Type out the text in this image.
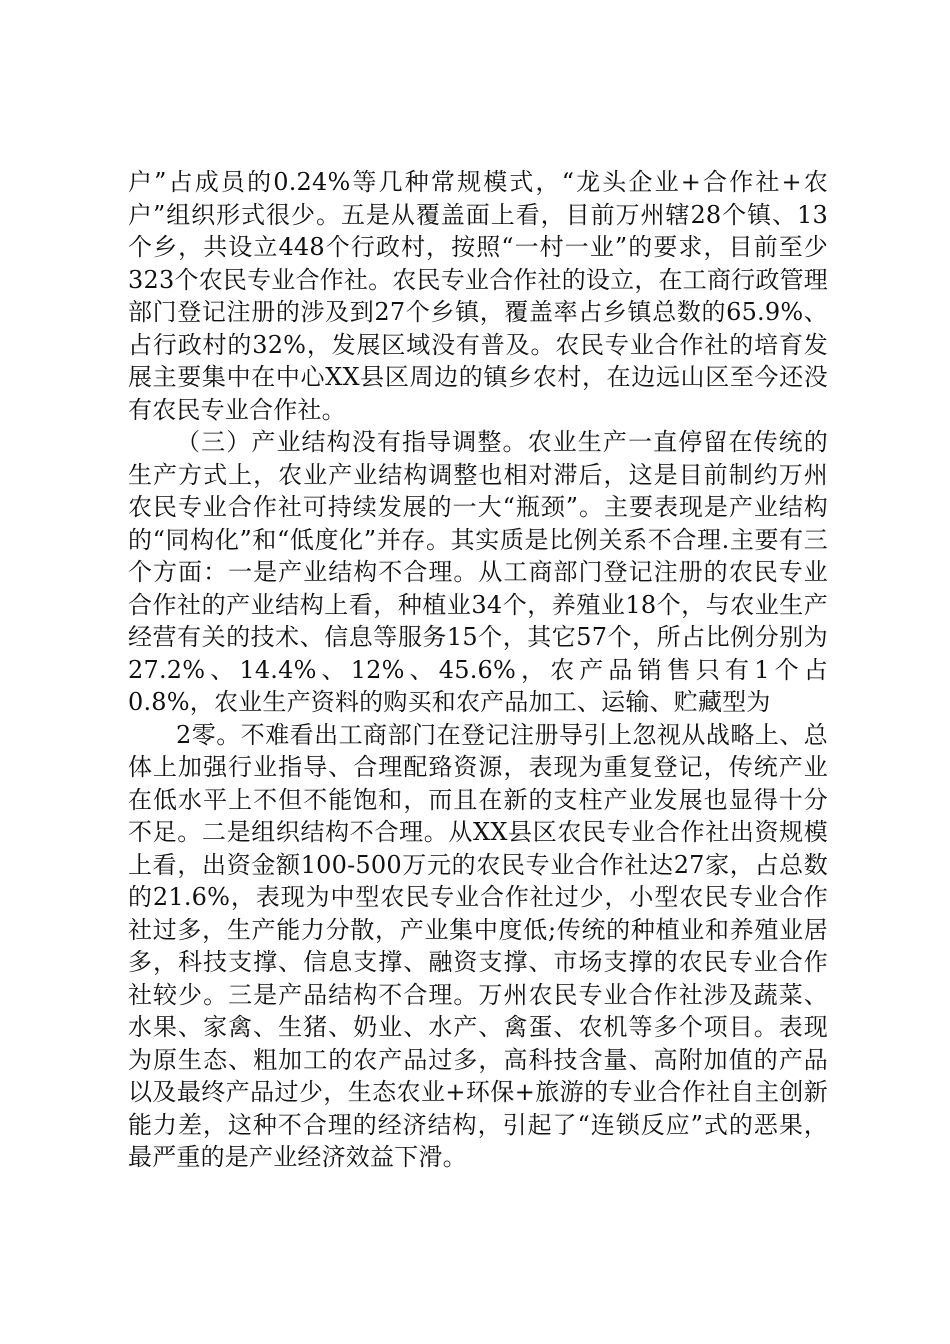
户”占成员的0.24%等几种常规模式，“龙头企业+合作社+农户”组织形式很少。五是从覆盖面上看，目前万州辖28个镇、13个乡，共设立448个行政村，按照“一村一业”的要求，目前至少323个农民专业合作社。农民专业合作社的设立，在工商行政管理部门登记注册的涉及到27个乡镇，覆盖率占乡镇总数的65.9%、占行政村的32%，发展区域没有普及。农民专业合作社的培育发展主要集中在中心XX县区周边的镇乡农村，在边远山区至今还没有农民专业合作社。

（三）产业结构没有指导调整。农业生产一直停留在传统的生产方式上，农业产业结构调整也相对滞后，这是目前制约万州农民专业合作社可持续发展的一大“瓶颈”。主要表现是产业结构的“同构化”和“低度化”并存。其实质是比例关系不合理.主要有三个方面：一是产业结构不合理。从工商部门登记注册的农民专业合作社的产业结构上看，种植业34个，养殖业18个，与农业生产经营有关的技术、信息等服务15个，其它57个，所占比例分别为27.2%、14.4%、12%、45.6%，农产品销售只有1个占0.8%，农业生产资料的购买和农产品加工、运输、贮藏型为

2零。不难看出工商部门在登记注册导引上忽视从战略上、总体上加强行业指导、合理配臵资源，表现为重复登记，传统产业在低水平上不但不能饱和，而且在新的支柱产业发展也显得十分不足。二是组织结构不合理。从XX县区农民专业合作社出资规模上看，出资金额100-500万元的农民专业合作社达27家，占总数的21.6%，表现为中型农民专业合作社过少，小型农民专业合作社过多，生产能力分散，产业集中度低;传统的种植业和养殖业居多，科技支撑、信息支撑、融资支撑、市场支撑的农民专业合作社较少。三是产品结构不合理。万州农民专业合作社涉及蔬菜、水果、家禽、生猪、奶业、水产、禽蛋、农机等多个项目。表现为原生态、粗加工的农产品过多，高科技含量、高附加值的产品以及最终产品过少，生态农业+环保+旅游的专业合作社自主创新能力差，这种不合理的经济结构，引起了“连锁反应”式的恶果，最严重的是产业经济效益下滑。
